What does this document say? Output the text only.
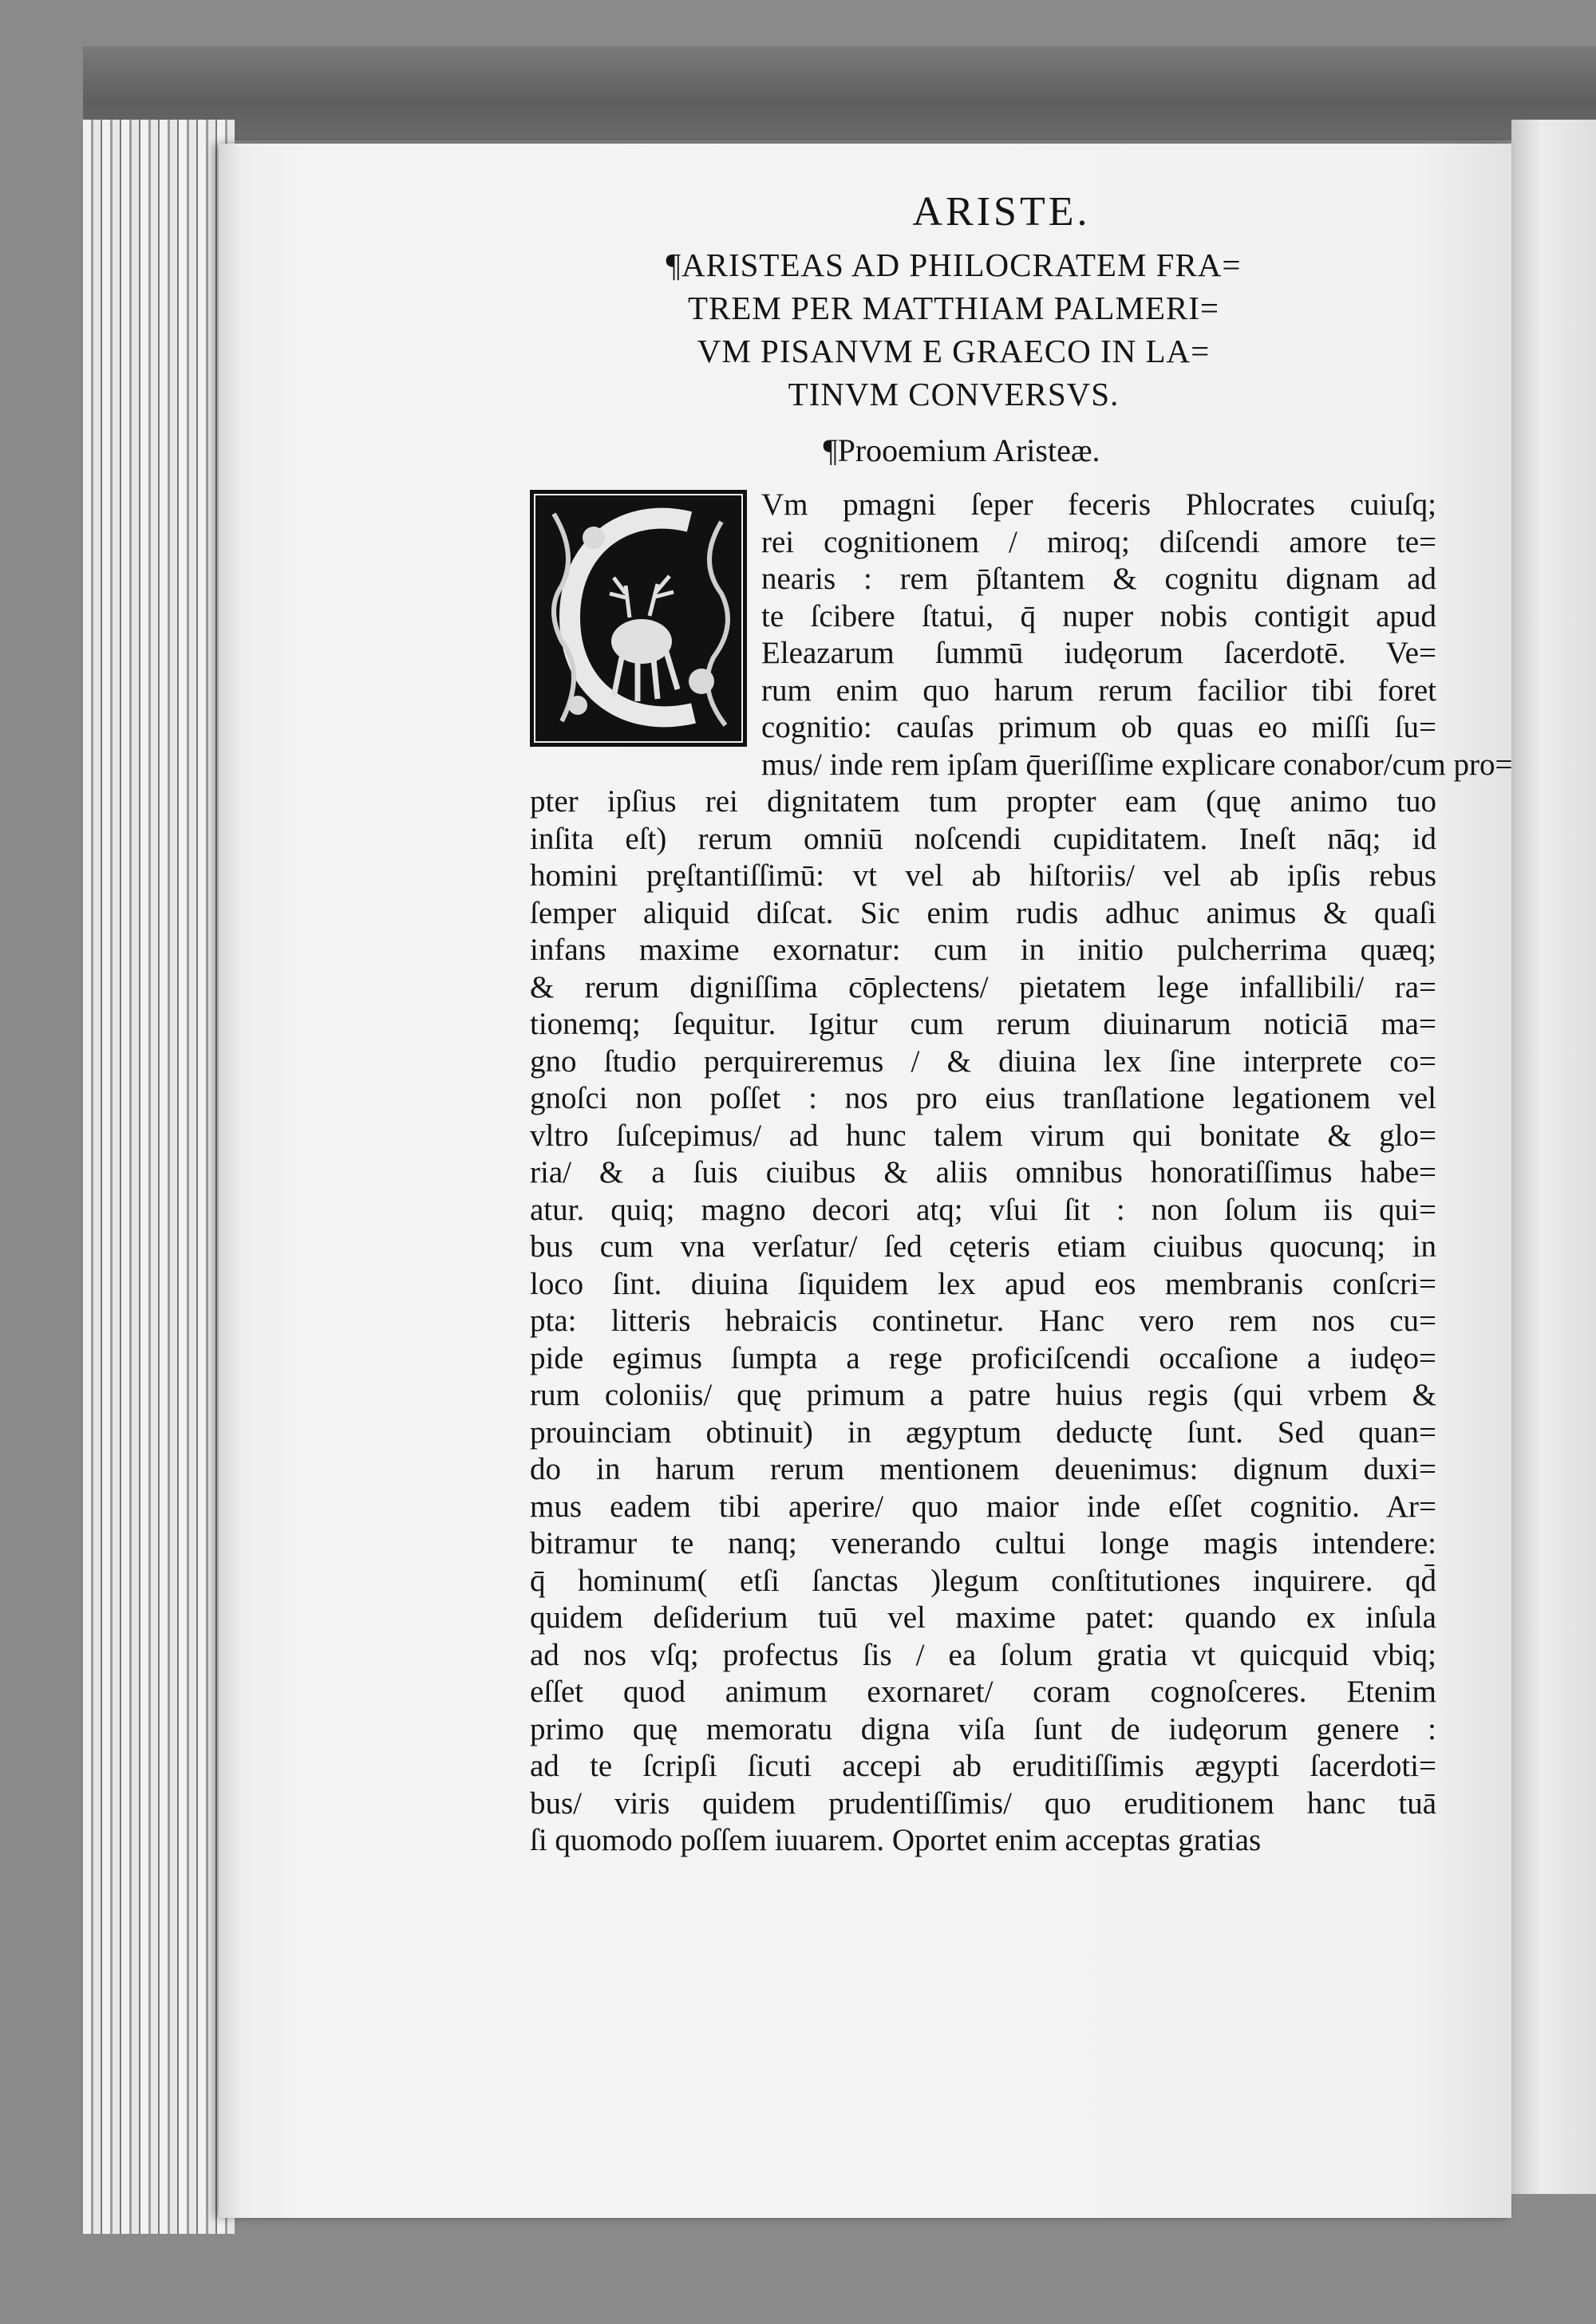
ARISTE.
¶ARISTEAS AD PHILOCRATEM FRA=
TREM PER MATTHIAM PALMERI=
VM PISANVM E GRAECO IN LA=
TINVM CONVERSVS.
¶Prooemium Aristeæ.
Vm pmagni ſeper feceris Phlocrates cuiuſq;
rei cognitionem / miroq; diſcendi amore te=
nearis : rem p̄ſtantem & cognitu dignam ad
te ſcibere ſtatui, q̄ nuper nobis contigit apud
Eleazarum ſummū iudęorum ſacerdotē. Ve=
rum enim quo harum rerum facilior tibi foret
cognitio: cauſas primum ob quas eo miſſi ſu=
mus/ inde rem ipſam q̄ueriſſime explicare conabor/cum pro=
pter ipſius rei dignitatem tum propter eam (quę animo tuo
inſita eſt) rerum omniū noſcendi cupiditatem. Ineſt nāq; id
homini prȩſtantiſſimū: vt vel ab hiſtoriis/ vel ab ipſis rebus
ſemper aliquid diſcat. Sic enim rudis adhuc animus & quaſi
infans maxime exornatur: cum in initio pulcherrima quæq;
& rerum digniſſima cōplectens/ pietatem lege infallibili/ ra=
tionemq; ſequitur. Igitur cum rerum diuinarum noticiā ma=
gno ſtudio perquireremus / & diuina lex ſine interprete co=
gnoſci non poſſet : nos pro eius tranſlatione legationem vel
vltro ſuſcepimus/ ad hunc talem virum qui bonitate & glo=
ria/ & a ſuis ciuibus & aliis omnibus honoratiſſimus habe=
atur. quiq; magno decori atq; vſui ſit : non ſolum iis qui=
bus cum vna verſatur/ ſed cęteris etiam ciuibus quocunq; in
loco ſint. diuina ſiquidem lex apud eos membranis conſcri=
pta: litteris hebraicis continetur. Hanc vero rem nos cu=
pide egimus ſumpta a rege proficiſcendi occaſione a iudęo=
rum coloniis/ quę primum a patre huius regis (qui vrbem &
prouinciam obtinuit) in ægyptum deductę ſunt. Sed quan=
do in harum rerum mentionem deuenimus: dignum duxi=
mus eadem tibi aperire/ quo maior inde eſſet cognitio. Ar=
bitramur te nanq; venerando cultui longe magis intendere:
q̄ hominum( etſi ſanctas )legum conſtitutiones inquirere. qd̄
quidem deſiderium tuū vel maxime patet: quando ex inſula
ad nos vſq; profectus ſis / ea ſolum gratia vt quicquid vbiq;
eſſet quod animum exornaret/ coram cognoſceres. Etenim
primo quę memoratu digna viſa ſunt de iudęorum genere :
ad te ſcripſi ſicuti accepi ab eruditiſſimis ægypti ſacerdoti=
bus/ viris quidem prudentiſſimis/ quo eruditionem hanc tuā
ſi quomodo poſſem iuuarem. Oportet enim acceptas gratias
